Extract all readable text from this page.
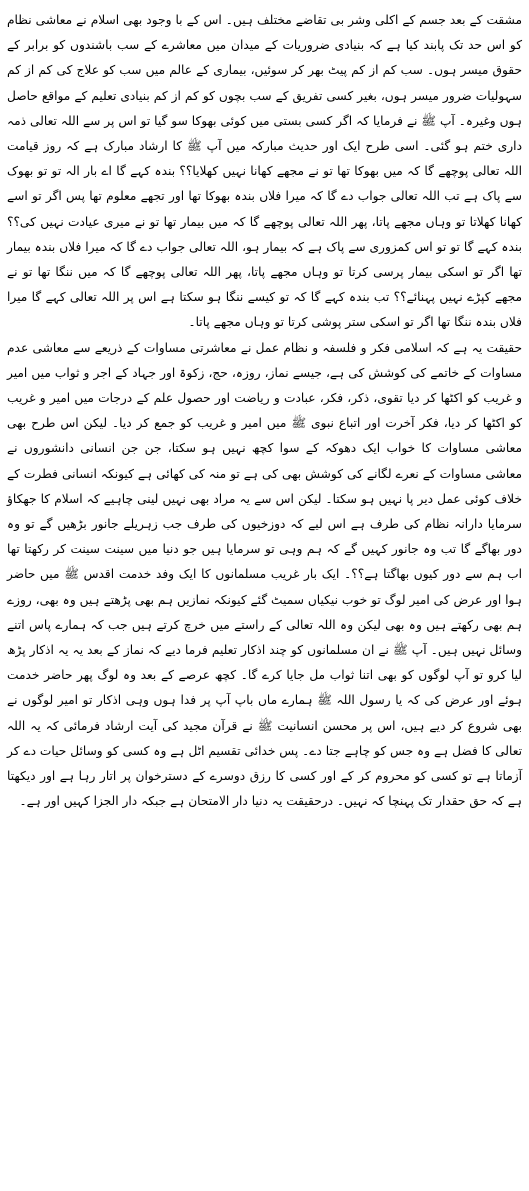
مشقت کے بعد جسم کے اکلی وشر بی تقاضے مختلف ہیں۔ اس کے با وجود بھی اسلام نے معاشی نظام کو اس حد تک پابند کیا ہے کہ بنیادی ضروریات کے میدان میں معاشرے کے سب باشندوں کو برابر کے حقوق میسر ہوں۔ سب کم از کم پیٹ بھر کر سوئیں، بیماری کے عالم میں سب کو علاج کی کم از کم سہولیات ضرور میسر ہوں، بغیر کسی تفریق کے سب بچوں کو کم از کم بنیادی تعلیم کے مواقع حاصل ہوں وغیرہ۔ آپ ﷺ نے فرمایا کہ اگر کسی بستی میں کوئی بھوکا سو گیا تو اس پر سے اللہ تعالی ذمہ داری ختم ہو گئی۔ اسی طرح ایک اور حدیث مبارکہ میں آپ ﷺ کا ارشاد مبارک ہے کہ روز قیامت اللہ تعالی پوچھے گا کہ میں بھوکا تھا تو نے مجھے کھانا نہیں کھلایا؟؟ بندہ کہے گا اے بار الہ تو تو بھوک سے پاک ہے تب اللہ تعالی جواب دے گا کہ میرا فلاں بندہ بھوکا تھا اور تجھے معلوم تھا پس اگر تو اسے کھانا کھلاتا تو وہاں مجھے پاتا، پھر اللہ تعالی پوچھے گا کہ میں بیمار تھا تو نے میری عیادت نہیں کی؟؟ بندہ کہے گا تو تو اس کمزوری سے پاک ہے کہ بیمار ہو، اللہ تعالی جواب دے گا کہ میرا فلاں بندہ بیمار تھا اگر تو اسکی بیمار پرسی کرتا تو وہاں مجھے پاتا، پھر اللہ تعالی پوچھے گا کہ میں ننگا تھا تو نے مجھے کپڑے نہیں پہنائے؟؟ تب بندہ کہے گا کہ تو کیسے ننگا ہو سکتا ہے اس پر اللہ تعالی کہے گا میرا فلاں بندہ ننگا تھا اگر تو اسکی ستر پوشی کرتا تو وہاں مجھے پاتا۔

حقیقت یہ ہے کہ اسلامی فکر و فلسفہ و نظام عمل نے معاشرتی مساوات کے ذریعے سے معاشی عدم مساوات کے خاتمے کی کوشش کی ہے، جیسے نماز، روزہ، حج، زکوۃ اور جہاد کے اجر و ثواب میں امیر و غریب کو اکٹھا کر دیا تقوی، ذکر، فکر، عبادت و ریاضت اور حصول علم کے درجات میں امیر و غریب کو اکٹھا کر دیا، فکر آخرت اور اتباع نبوی ﷺ میں امیر و غریب کو جمع کر دیا۔ لیکن اس طرح بھی معاشی مساوات کا خواب ایک دھوکہ کے سوا کچھ نہیں ہو سکتا، جن جن انسانی دانشوروں نے معاشی مساوات کے نعرے لگانے کی کوشش بھی کی ہے تو منہ کی کھائی ہے کیونکہ انسانی فطرت کے خلاف کوئی عمل دیر پا نہیں ہو سکتا۔ لیکن اس سے یہ مراد بھی نہیں لینی چاہیے کہ اسلام کا جھکاؤ سرمایا دارانہ نظام کی طرف ہے اس لیے کہ دوزخیوں کی طرف جب زہریلے جانور بڑھیں گے تو وہ دور بھاگے گا تب وہ جانور کہیں گے کہ ہم وہی تو سرمایا ہیں جو دنیا میں سینت سینت کر رکھتا تھا اب ہم سے دور کیوں بھاگتا ہے؟؟۔ ایک بار غریب مسلمانوں کا ایک وفد خدمت اقدس ﷺ میں حاضر ہوا اور عرض کی امیر لوگ تو خوب نیکیاں سمیٹ گئے کیونکہ نمازیں ہم بھی پڑھتے ہیں وہ بھی، روزے ہم بھی رکھتے ہیں وہ بھی لیکن وہ اللہ تعالی کے راستے میں خرچ کرتے ہیں جب کہ ہمارے پاس اتنے وسائل نہیں ہیں۔ آپ ﷺ نے ان مسلمانوں کو چند اذکار تعلیم فرما دیے کہ نماز کے بعد یہ یہ اذکار پڑھ لیا کرو تو آپ لوگوں کو بھی اتنا ثواب مل جایا کرے گا۔ کچھ عرصے کے بعد وہ لوگ پھر حاضر خدمت ہوئے اور عرض کی کہ یا رسول اللہ ﷺ ہمارے ماں باپ آپ پر فدا ہوں وہی اذکار تو امیر لوگوں نے بھی شروع کر دیے ہیں، اس پر محسن انسانیت ﷺ نے قرآن مجید کی آیت ارشاد فرمائی کہ یہ اللہ تعالی کا فضل ہے وہ جس کو چاہے جتا دے۔ پس خدائی تقسیم اٹل ہے وہ کسی کو وسائل حیات دے کر آزماتا ہے تو کسی کو محروم کر کے اور کسی کا رزق دوسرے کے دسترخوان پر اتار رہا ہے اور دیکھتا ہے کہ حق حقدار تک پہنچا کہ نہیں۔ درحقیقت یہ دنیا دار الامتحان ہے جبکہ دار الجزا کہیں اور ہے۔
